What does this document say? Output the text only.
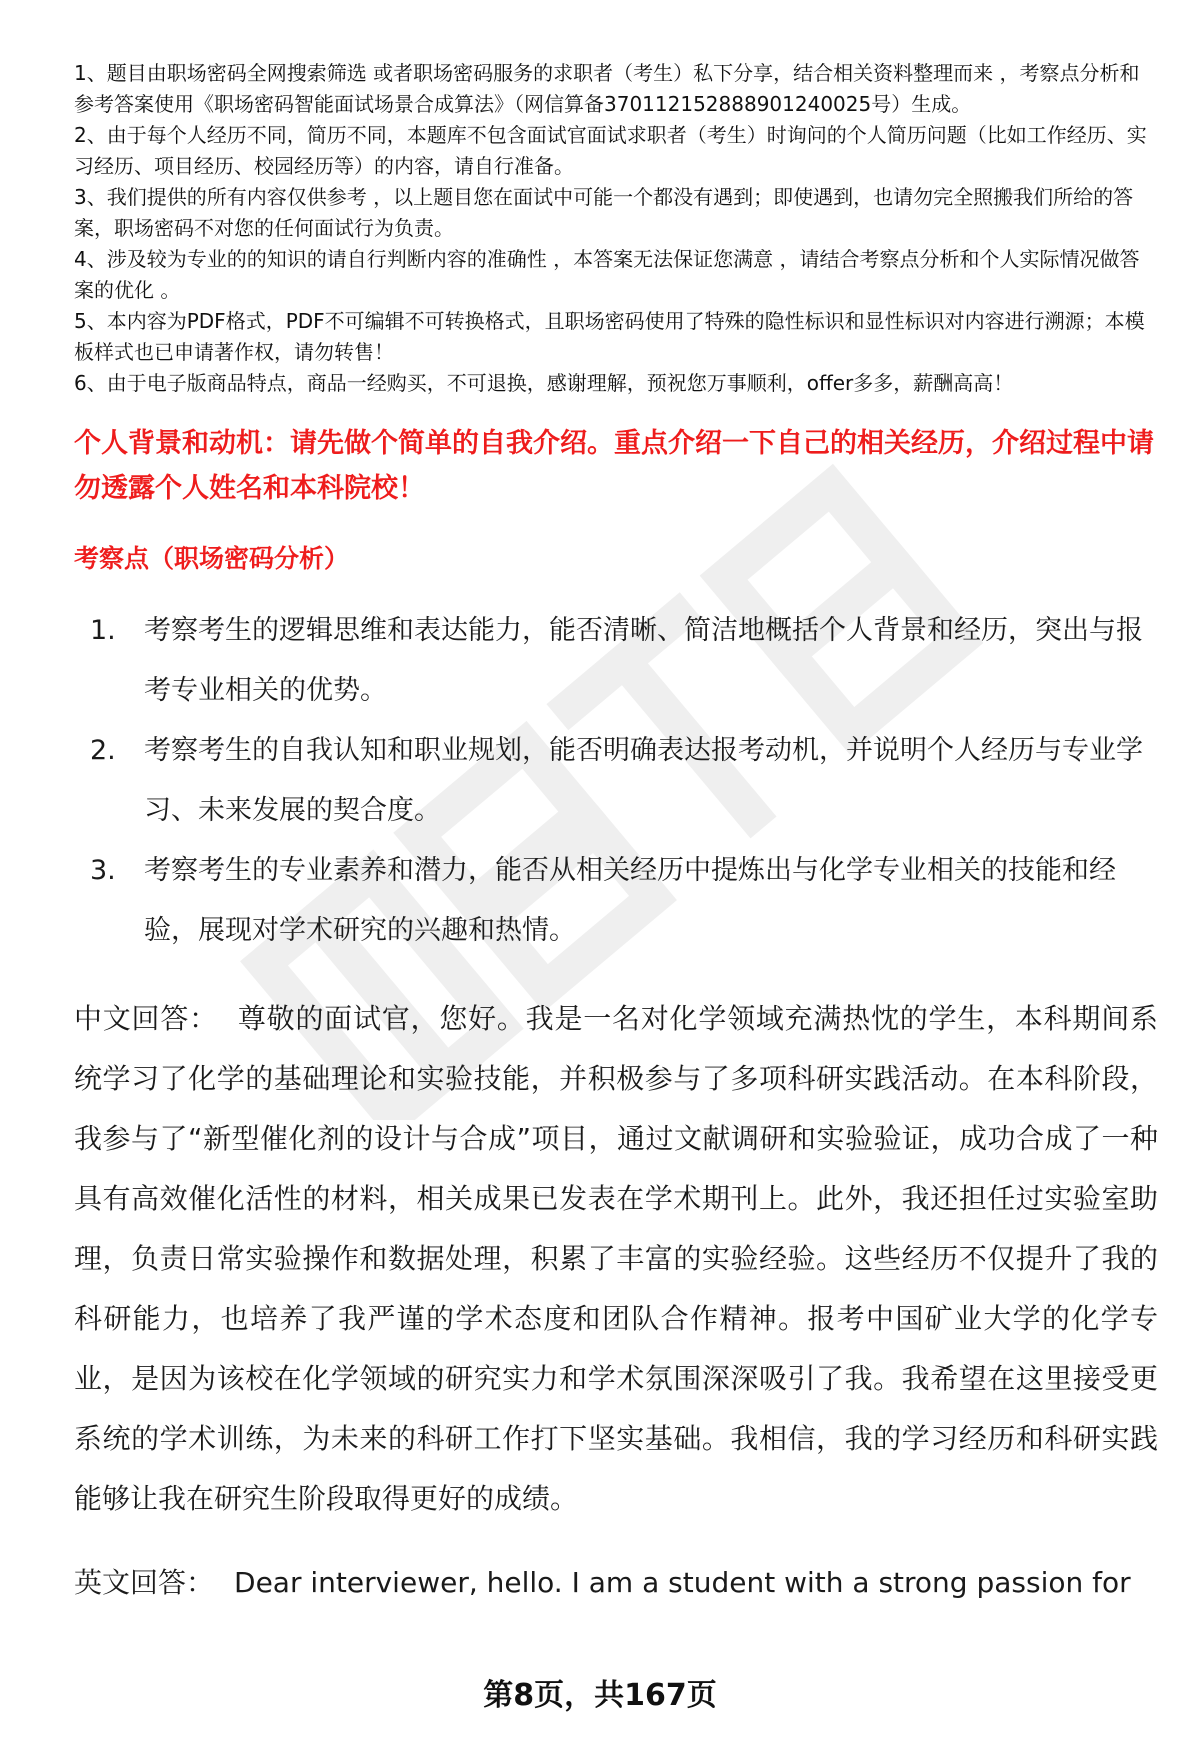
1、题目由职场密码全网搜索筛选 或者职场密码服务的求职者（考生）私下分享，结合相关资料整理而来 ，考察点分析和参考答案使用《职场密码智能面试场景合成算法》（网信算备370112152888901240025号）生成。
2、由于每个人经历不同，简历不同，本题库不包含面试官面试求职者（考生）时询问的个人简历问题（比如工作经历、实习经历、项目经历、校园经历等）的内容，请自行准备。
3、我们提供的所有内容仅供参考 ，以上题目您在面试中可能一个都没有遇到；即使遇到，也请勿完全照搬我们所给的答案，职场密码不对您的任何面试行为负责。
4、涉及较为专业的的知识的请自行判断内容的准确性 ，本答案无法保证您满意 ，请结合考察点分析和个人实际情况做答案的优化 。
5、本内容为PDF格式，PDF不可编辑不可转换格式，且职场密码使用了特殊的隐性标识和显性标识对内容进行溯源；本模板样式也已申请著作权，请勿转售！
6、由于电子版商品特点，商品一经购买，不可退换，感谢理解，预祝您万事顺利，offer多多，薪酬高高！
个人背景和动机：请先做个简单的自我介绍。重点介绍一下自己的相关经历，介绍过程中请勿透露个人姓名和本科院校！
考察点（职场密码分析）
1. 考察考生的逻辑思维和表达能力，能否清晰、简洁地概括个人背景和经历，突出与报考专业相关的优势。
2. 考察考生的自我认知和职业规划，能否明确表达报考动机，并说明个人经历与专业学习、未来发展的契合度。
3. 考察考生的专业素养和潜力，能否从相关经历中提炼出与化学专业相关的技能和经验，展现对学术研究的兴趣和热情。

中文回答： 尊敬的面试官，您好。我是一名对化学领域充满热忱的学生，本科期间系统学习了化学的基础理论和实验技能，并积极参与了多项科研实践活动。在本科阶段，我参与了“新型催化剂的设计与合成”项目，通过文献调研和实验验证，成功合成了一种具有高效催化活性的材料，相关成果已发表在学术期刊上。此外，我还担任过实验室助理，负责日常实验操作和数据处理，积累了丰富的实验经验。这些经历不仅提升了我的科研能力，也培养了我严谨的学术态度和团队合作精神。报考中国矿业大学的化学专业，是因为该校在化学领域的研究实力和学术氛围深深吸引了我。我希望在这里接受更系统的学术训练，为未来的科研工作打下坚实基础。我相信，我的学习经历和科研实践能够让我在研究生阶段取得更好的成绩。

英文回答： Dear interviewer, hello. I am a student with a strong passion for

第8页，共167页
